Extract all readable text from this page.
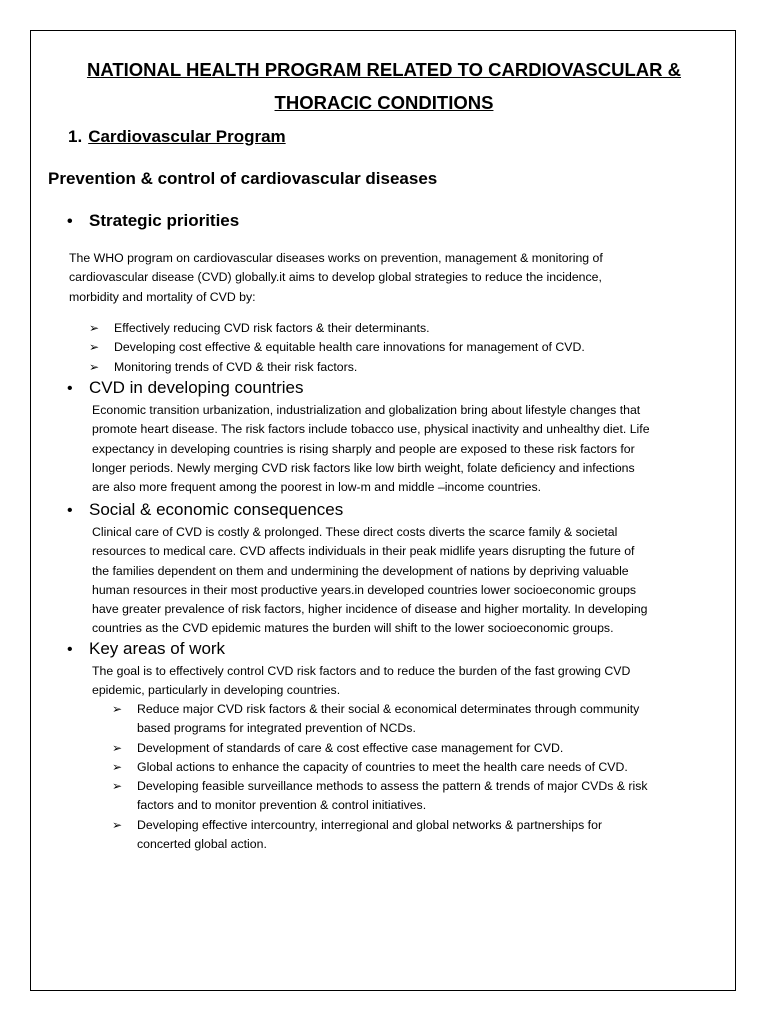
NATIONAL HEALTH PROGRAM RELATED TO CARDIOVASCULAR &
THORACIC CONDITIONS
1. Cardiovascular Program
Prevention & control of cardiovascular diseases
• Strategic priorities
The WHO program on cardiovascular diseases works on prevention, management & monitoring of
cardiovascular disease (CVD) globally.it aims to develop global strategies to reduce the incidence,
morbidity and mortality of CVD by:
➢ Effectively reducing CVD risk factors & their determinants.
➢ Developing cost effective & equitable health care innovations for management of CVD.
➢ Monitoring trends of CVD & their risk factors.
• CVD in developing countries
Economic transition urbanization, industrialization and globalization bring about lifestyle changes that
promote heart disease. The risk factors include tobacco use, physical inactivity and unhealthy diet. Life
expectancy in developing countries is rising sharply and people are exposed to these risk factors for
longer periods. Newly merging CVD risk factors like low birth weight, folate deficiency and infections
are also more frequent among the poorest in low-m and middle –income countries.
• Social & economic consequences
Clinical care of CVD is costly & prolonged. These direct costs diverts the scarce family & societal
resources to medical care. CVD affects individuals in their peak midlife years disrupting the future of
the families dependent on them and undermining the development of nations by depriving valuable
human resources in their most productive years.in developed countries lower socioeconomic groups
have greater prevalence of risk factors, higher incidence of disease and higher mortality. In developing
countries as the CVD epidemic matures the burden will shift to the lower socioeconomic groups.
• Key areas of work
The goal is to effectively control CVD risk factors and to reduce the burden of the fast growing CVD
epidemic, particularly in developing countries.
➢ Reduce major CVD risk factors & their social & economical determinates through community
based programs for integrated prevention of NCDs.
➢ Development of standards of care & cost effective case management for CVD.
➢ Global actions to enhance the capacity of countries to meet the health care needs of CVD.
➢ Developing feasible surveillance methods to assess the pattern & trends of major CVDs & risk
factors and to monitor prevention & control initiatives.
➢ Developing effective intercountry, interregional and global networks & partnerships for
concerted global action.
